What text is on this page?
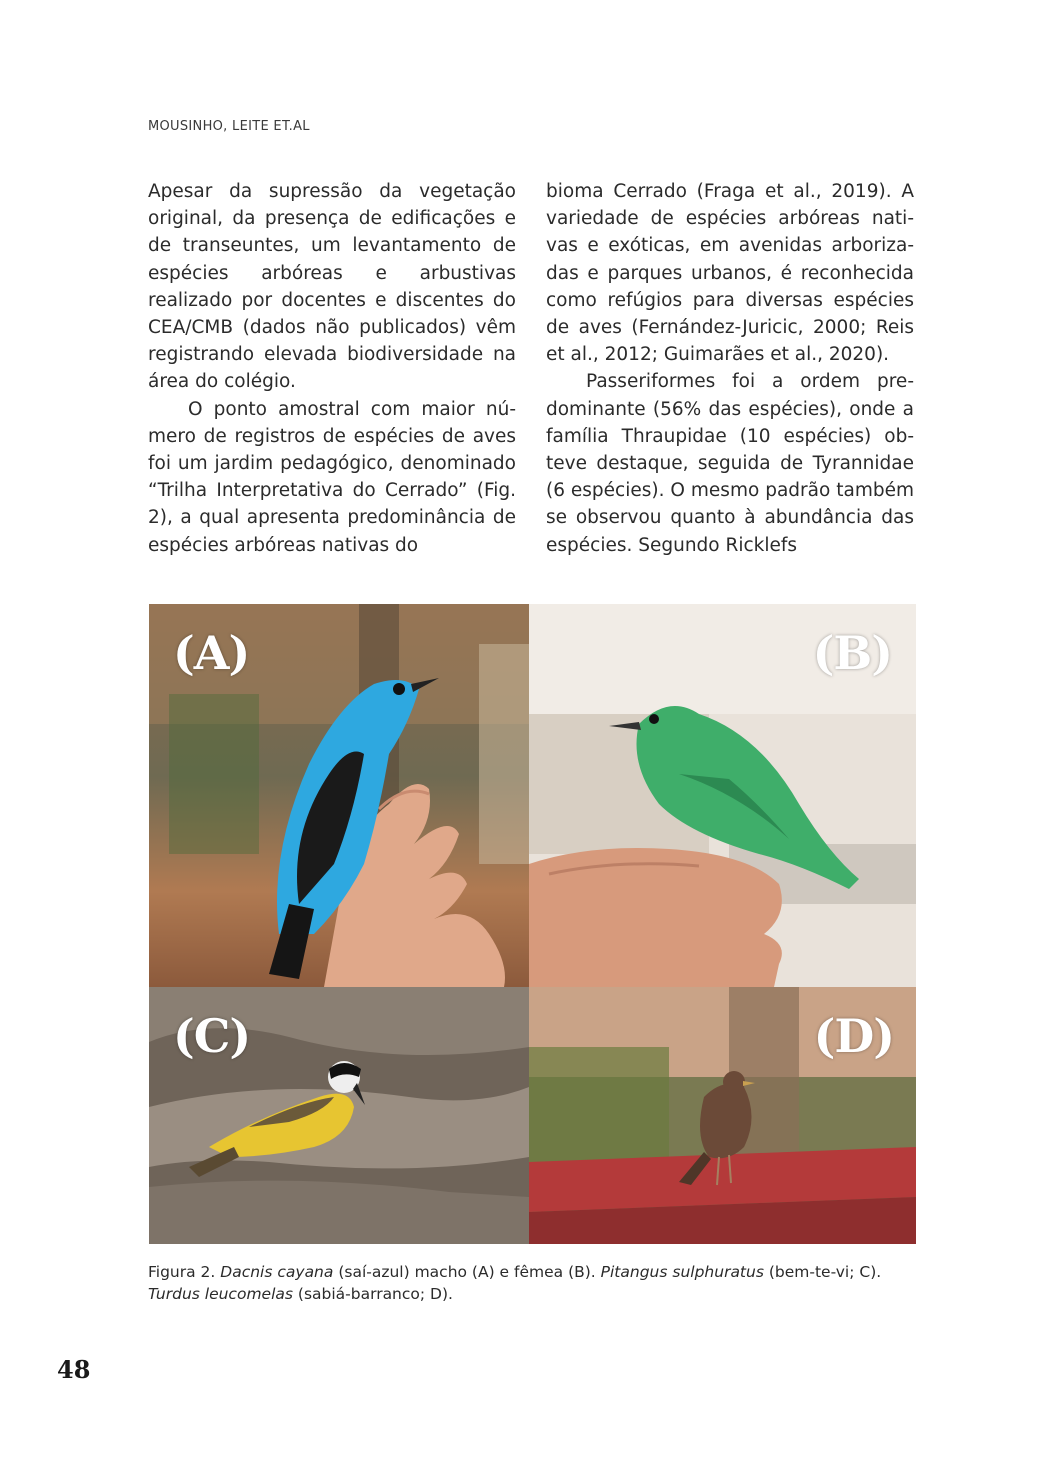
MOUSINHO, LEITE ET.AL

Apesar da supressão da vegetação original, da presença de edificações e de transeuntes, um levantamento de espécies arbóreas e arbustivas realizado por docentes e discentes do CEA/CMB (dados não publicados) vêm registrando elevada biodiversidade na área do colégio.

O ponto amostral com maior número de registros de espécies de aves foi um jardim pedagógico, denominado “Trilha Interpretativa do Cerrado” (Fig. 2), a qual apresenta predominância de espécies arbóreas nativas do

bioma Cerrado (Fraga et al., 2019). A variedade de espécies arbóreas nativas e exóticas, em avenidas arborizadas e parques urbanos, é reconhecida como refúgios para diversas espécies de aves (Fernández-Juricic, 2000; Reis et al., 2012; Guimarães et al., 2020).

Passeriformes foi a ordem predominante (56% das espécies), onde a família Thraupidae (10 espécies) obteve destaque, seguida de Tyrannidae (6 espécies). O mesmo padrão também se observou quanto à abundância das espécies. Segundo Ricklefs

(A)	(B)
(C)	(D)
Figura 2. Dacnis cayana (saí-azul) macho (A) e fêmea (B). Pitangus sulphuratus (bem-te-vi; C). Turdus leucomelas (sabiá-barranco; D).
48
